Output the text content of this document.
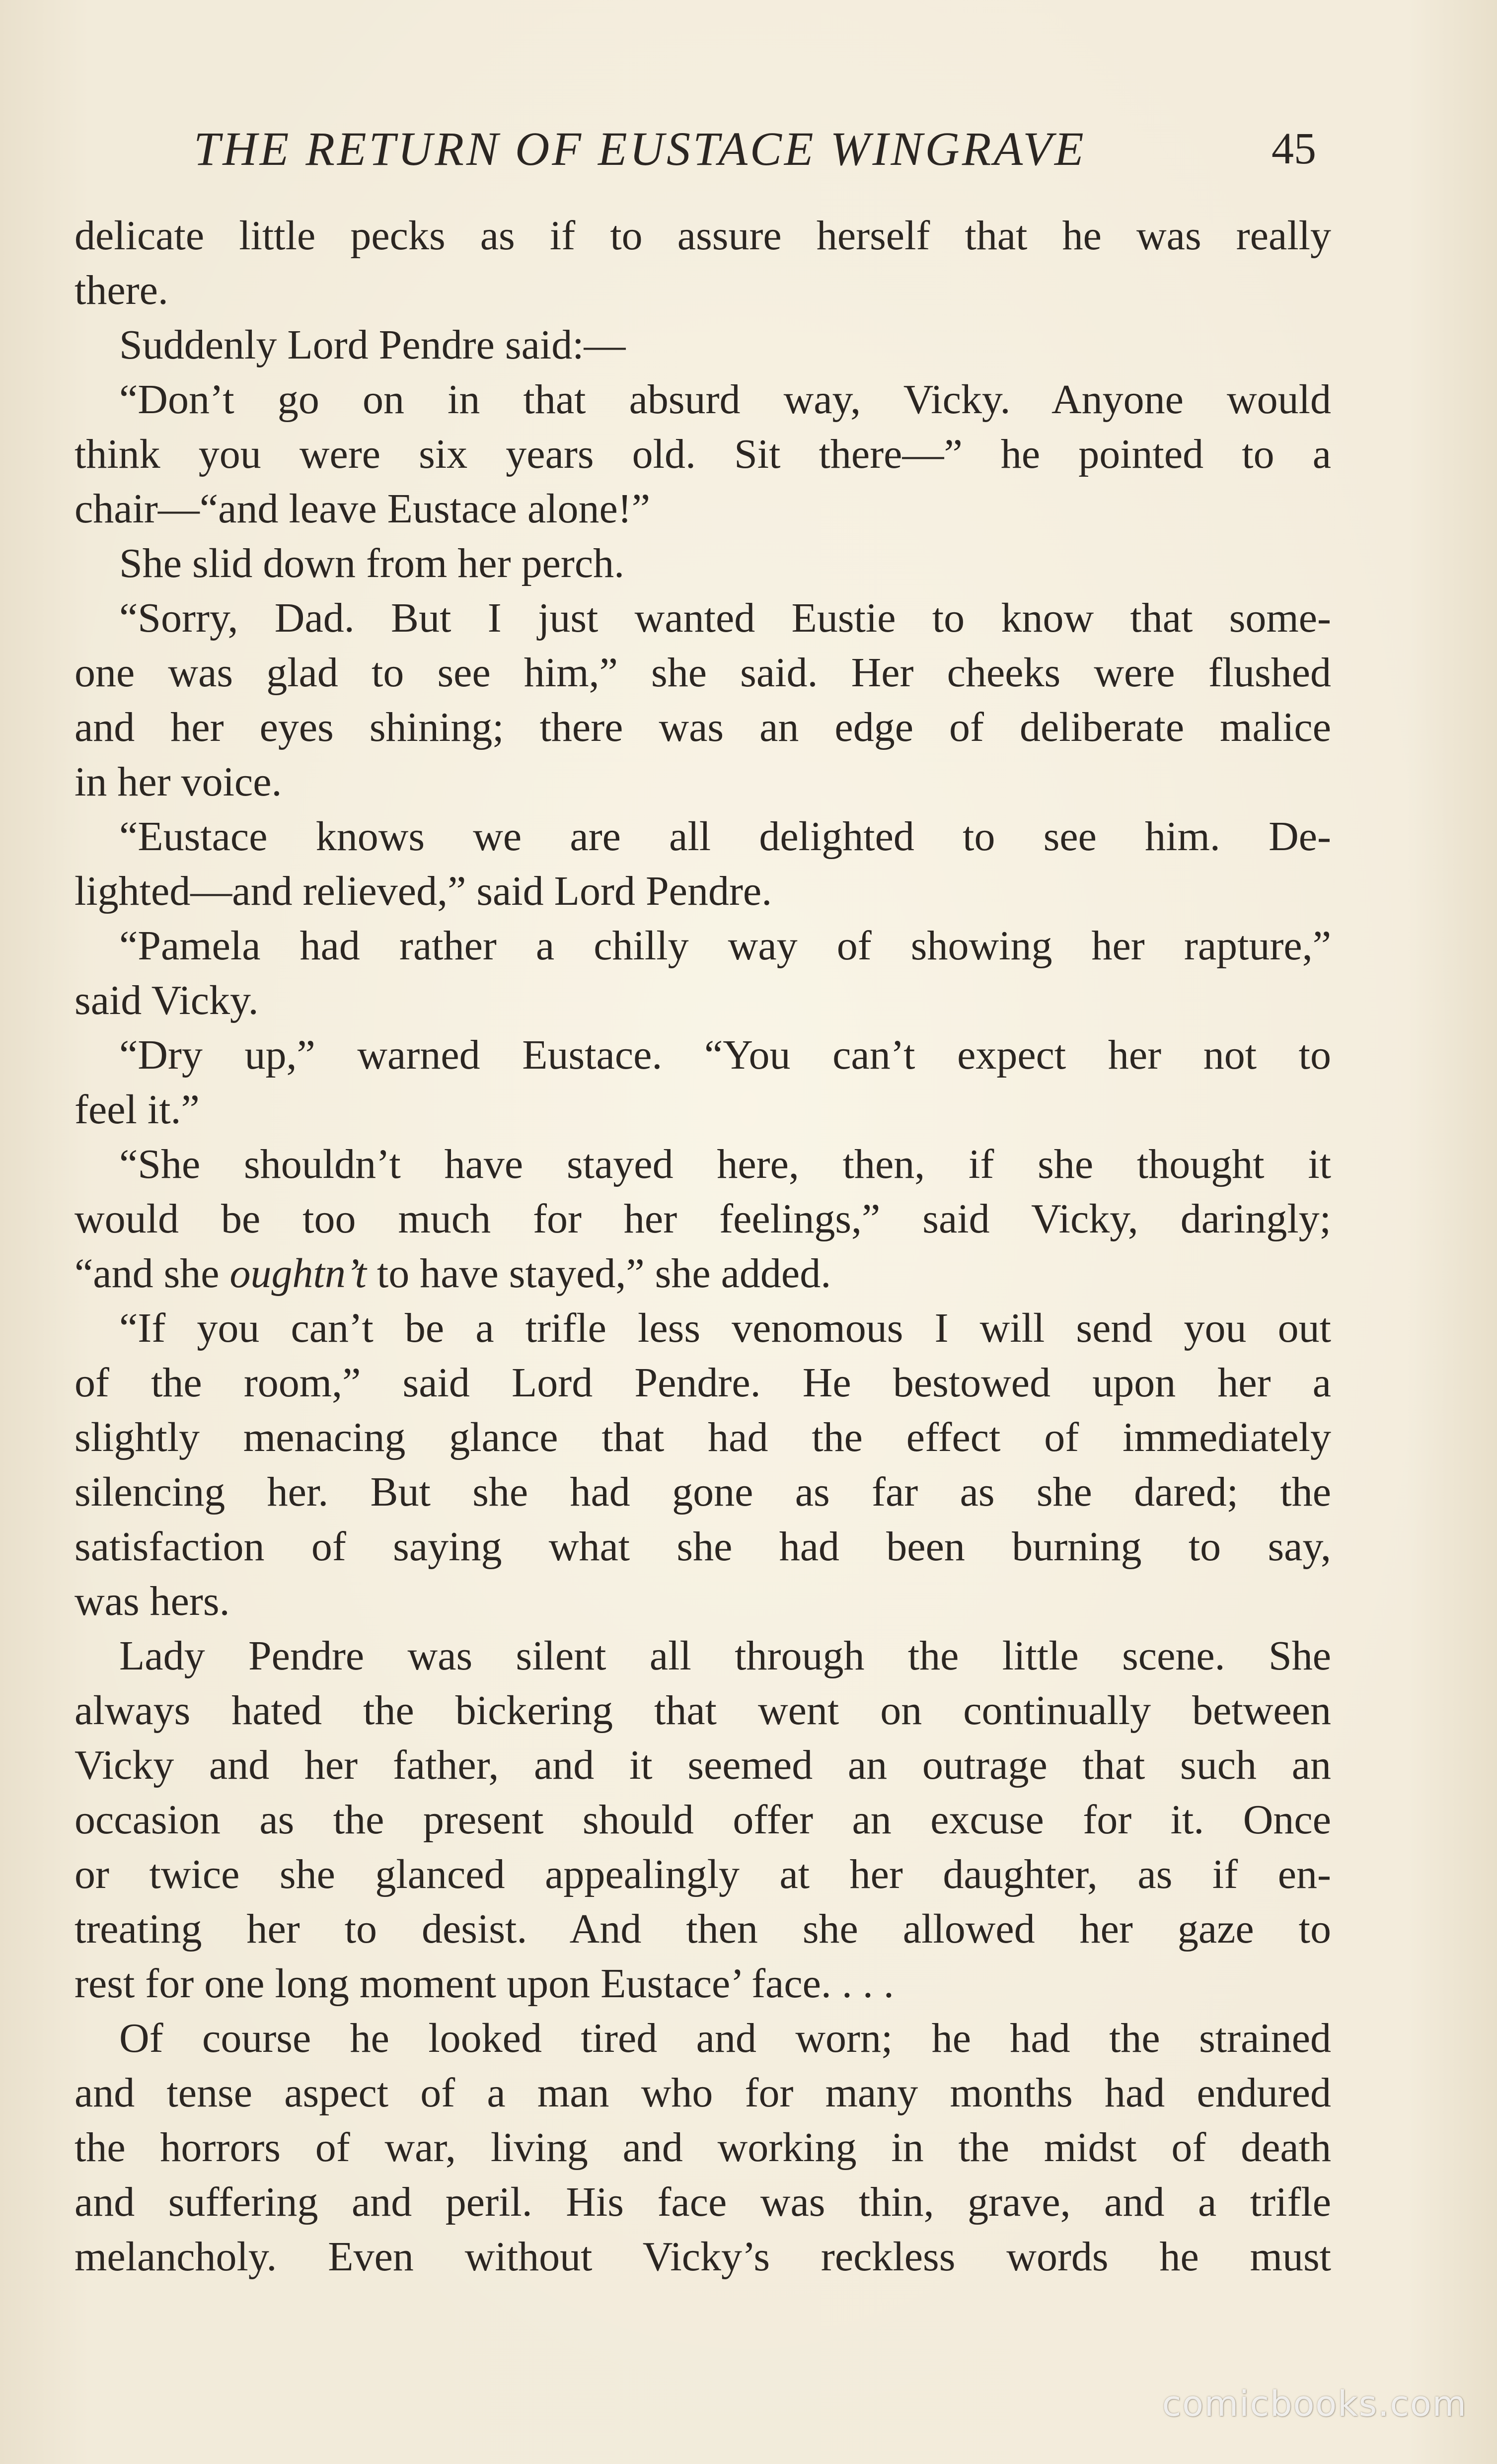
THE RETURN OF EUSTACE WINGRAVE	45
delicate little pecks as if to assure herself that he was really
there.
Suddenly Lord Pendre said:—
“Don’t go on in that absurd way, Vicky. Anyone would
think you were six years old. Sit there—” he pointed to a
chair—“and leave Eustace alone!”
She slid down from her perch.
“Sorry, Dad. But I just wanted Eustie to know that some-
one was glad to see him,” she said. Her cheeks were flushed
and her eyes shining; there was an edge of deliberate malice
in her voice.
“Eustace knows we are all delighted to see him. De-
lighted—and relieved,” said Lord Pendre.
“Pamela had rather a chilly way of showing her rapture,”
said Vicky.
“Dry up,” warned Eustace. “You can’t expect her not to
feel it.”
“She shouldn’t have stayed here, then, if she thought it
would be too much for her feelings,” said Vicky, daringly;
“and she oughtn’t to have stayed,” she added.
“If you can’t be a trifle less venomous I will send you out
of the room,” said Lord Pendre. He bestowed upon her a
slightly menacing glance that had the effect of immediately
silencing her. But she had gone as far as she dared; the
satisfaction of saying what she had been burning to say,
was hers.
Lady Pendre was silent all through the little scene. She
always hated the bickering that went on continually between
Vicky and her father, and it seemed an outrage that such an
occasion as the present should offer an excuse for it. Once
or twice she glanced appealingly at her daughter, as if en-
treating her to desist. And then she allowed her gaze to
rest for one long moment upon Eustace’ face. . . .
Of course he looked tired and worn; he had the strained
and tense aspect of a man who for many months had endured
the horrors of war, living and working in the midst of death
and suffering and peril. His face was thin, grave, and a trifle
melancholy. Even without Vicky’s reckless words he must
comicbooks.com
